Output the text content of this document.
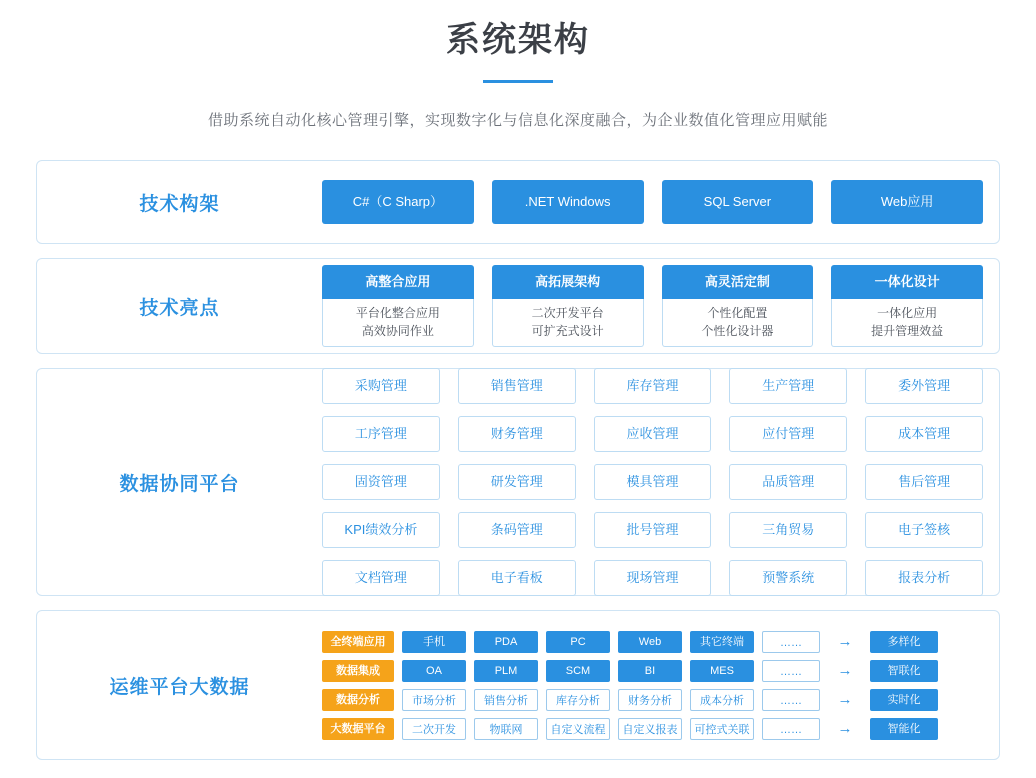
系统架构
借助系统自动化核心管理引擎，实现数字化与信息化深度融合，为企业数值化管理应用赋能
技术构架	C#（C Sharp）	.NET Windows	SQL Server	Web应用
技术亮点
高整合应用
平台化整合应用
高效协同作业
高拓展架构
二次开发平台
可扩充式设计
高灵活定制
个性化配置
个性化设计器
一体化设计
一体化应用
提升管理效益
数据协同平台
采购管理	销售管理	库存管理	生产管理	委外管理
工序管理	财务管理	应收管理	应付管理	成本管理
固资管理	研发管理	模具管理	品质管理	售后管理
KPI绩效分析	条码管理	批号管理	三角贸易	电子签核
文档管理	电子看板	现场管理	预警系统	报表分析
运维平台大数据
全终端应用	手机	PDA	PC	Web	其它终端	……	→	多样化
数据集成	OA	PLM	SCM	BI	MES	……	→	智联化
数据分析	市场分析	销售分析	库存分析	财务分析	成本分析	……	→	实时化
大数据平台	二次开发	物联网	自定义流程	自定义报表	可控式关联	……	→	智能化
